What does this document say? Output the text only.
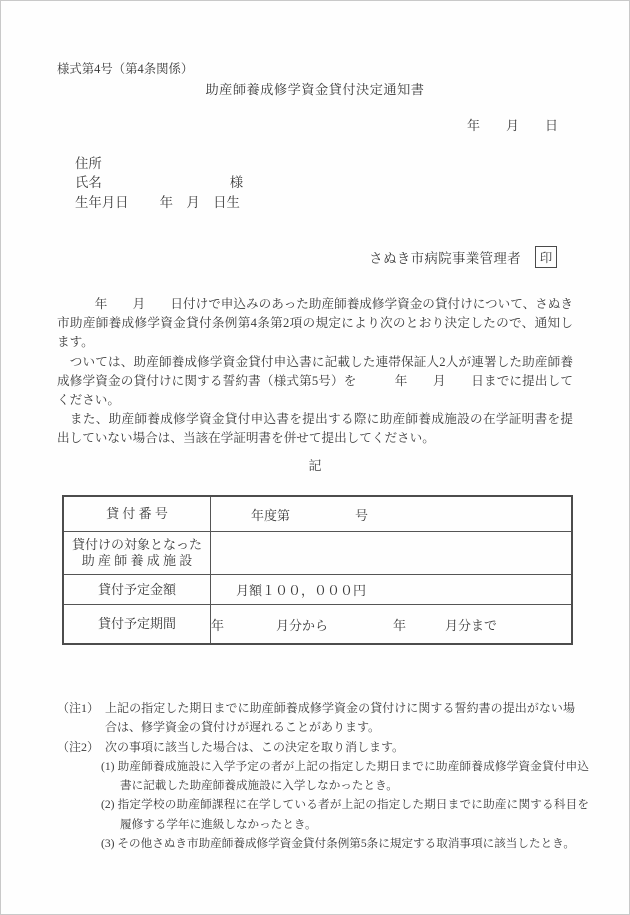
様式第4号（第4条関係）
助産師養成修学資金貸付決定通知書
年　　月　　日
住所
氏名	様
生年月日 年　月　日生
さぬき市病院事業管理者 印

　　　年　　月　　日付けで申込みのあった助産師養成修学資金の貸付けについて、さぬき市助産師養成修学資金貸付条例第4条第2項の規定により次のとおり決定したので、通知します。

　ついては、助産師養成修学資金貸付申込書に記載した連帯保証人2人が連署した助産師養成修学資金の貸付けに関する誓約書（様式第5号）を　　　年　　月　　日までに提出してください。

　また、助産師養成修学資金貸付申込書を提出する際に助産師養成施設の在学証明書を提出していない場合は、当該在学証明書を併せて提出してください。

記
貸 付 番 号	年度第　　　　　号

貸付けの対象となった
助 産 師 養 成 施 設	

貸付予定金額	月額１００，０００円
貸付予定期間	年　　　　月分から　　　　　年　　　月分まで
（注1） 上記の指定した期日までに助産師養成修学資金の貸付けに関する誓約書の提出がない場合は、修学資金の貸付けが遅れることがあります。
（注2） 次の事項に該当した場合は、この決定を取り消します。
(1) 助産師養成施設に入学予定の者が上記の指定した期日までに助産師養成修学資金貸付申込書に記載した助産師養成施設に入学しなかったとき。
(2) 指定学校の助産師課程に在学している者が上記の指定した期日までに助産に関する科目を履修する学年に進級しなかったとき。
(3) その他さぬき市助産師養成修学資金貸付条例第5条に規定する取消事項に該当したとき。
